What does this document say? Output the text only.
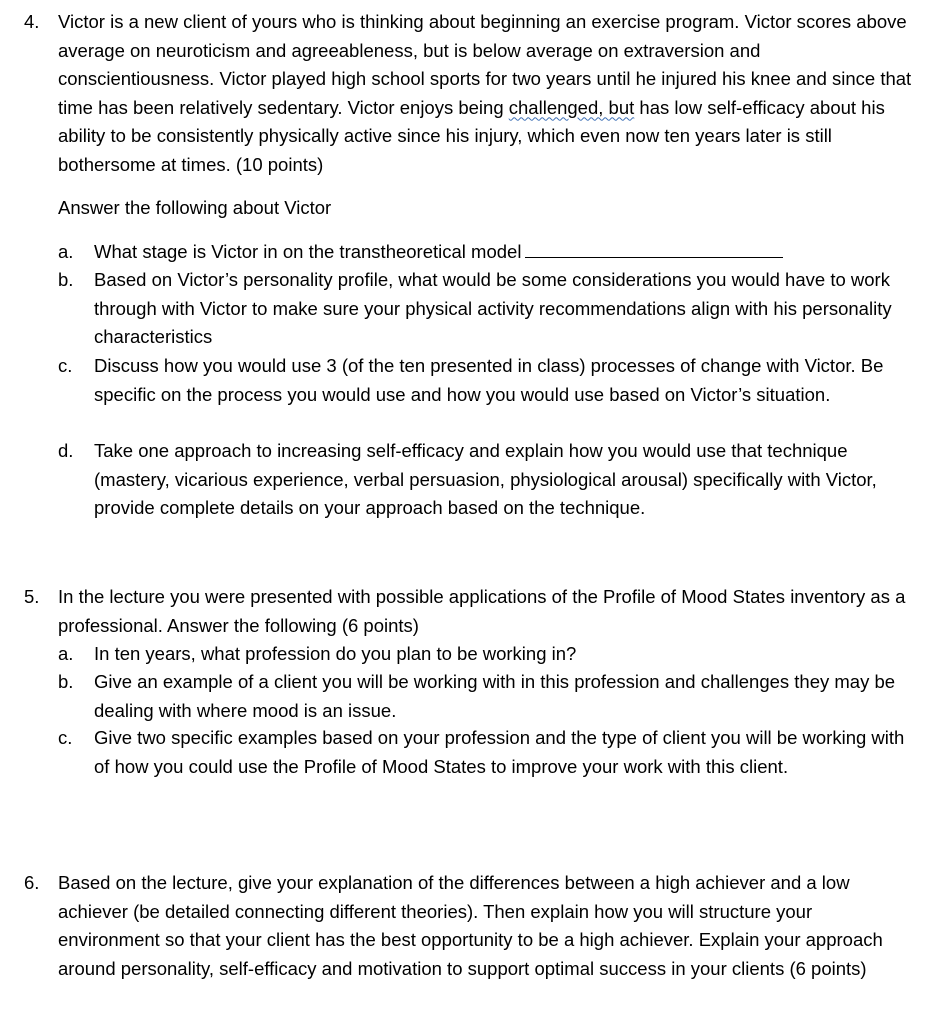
4. Victor is a new client of yours who is thinking about beginning an exercise program. Victor scores above average on neuroticism and agreeableness, but is below average on extraversion and conscientiousness. Victor played high school sports for two years until he injured his knee and since that time has been relatively sedentary. Victor enjoys being challenged, but has low self-efficacy about his ability to be consistently physically active since his injury, which even now ten years later is still bothersome at times. (10 points)
Answer the following about Victor
a. What stage is Victor in on the transtheoretical model
b. Based on Victor’s personality profile, what would be some considerations you would have to work through with Victor to make sure your physical activity recommendations align with his personality characteristics
c. Discuss how you would use 3 (of the ten presented in class) processes of change with Victor. Be specific on the process you would use and how you would use based on Victor’s situation.
d. Take one approach to increasing self-efficacy and explain how you would use that technique (mastery, vicarious experience, verbal persuasion, physiological arousal) specifically with Victor, provide complete details on your approach based on the technique.
5. In the lecture you were presented with possible applications of the Profile of Mood States inventory as a professional. Answer the following (6 points)
a. In ten years, what profession do you plan to be working in?
b. Give an example of a client you will be working with in this profession and challenges they may be dealing with where mood is an issue.
c. Give two specific examples based on your profession and the type of client you will be working with of how you could use the Profile of Mood States to improve your work with this client.
6. Based on the lecture, give your explanation of the differences between a high achiever and a low achiever (be detailed connecting different theories). Then explain how you will structure your environment so that your client has the best opportunity to be a high achiever. Explain your approach around personality, self-efficacy and motivation to support optimal success in your clients (6 points)
